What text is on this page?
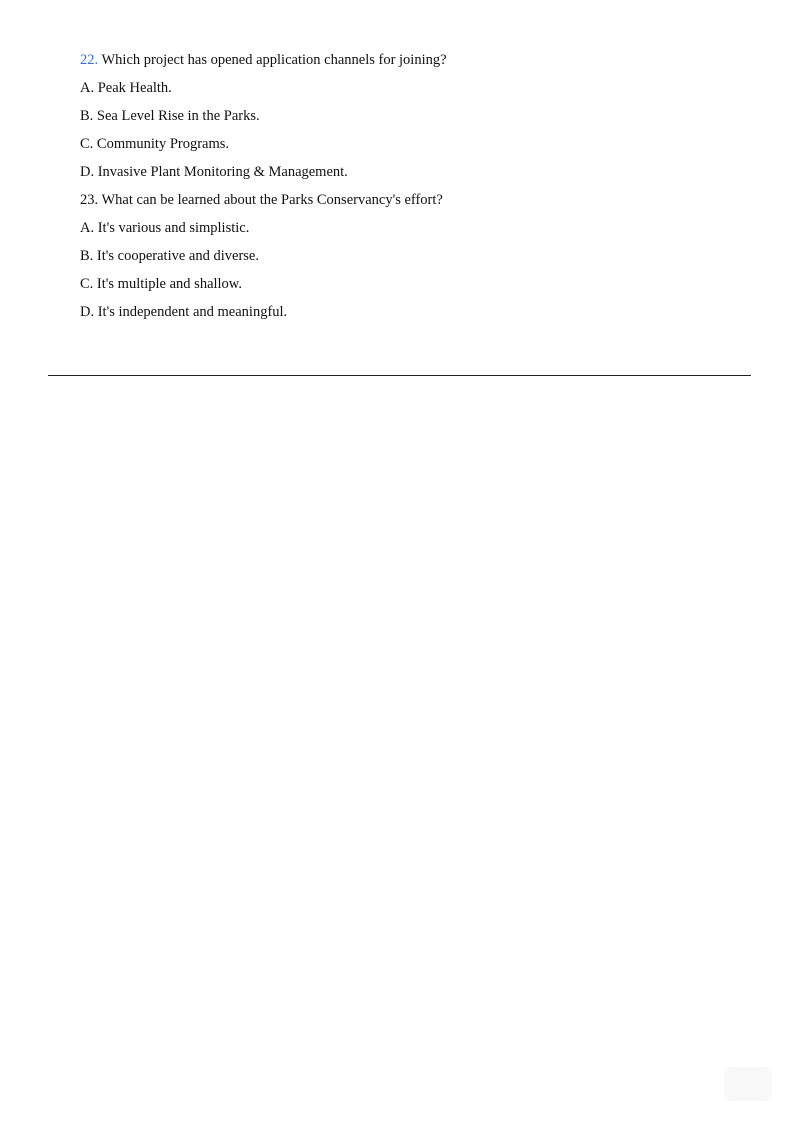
22. Which project has opened application channels for joining?
A. Peak Health.
B. Sea Level Rise in the Parks.
C. Community Programs.
D. Invasive Plant Monitoring & Management.
23. What can be learned about the Parks Conservancy's effort?
A. It's various and simplistic.
B. It's cooperative and diverse.
C. It's multiple and shallow.
D. It's independent and meaningful.
